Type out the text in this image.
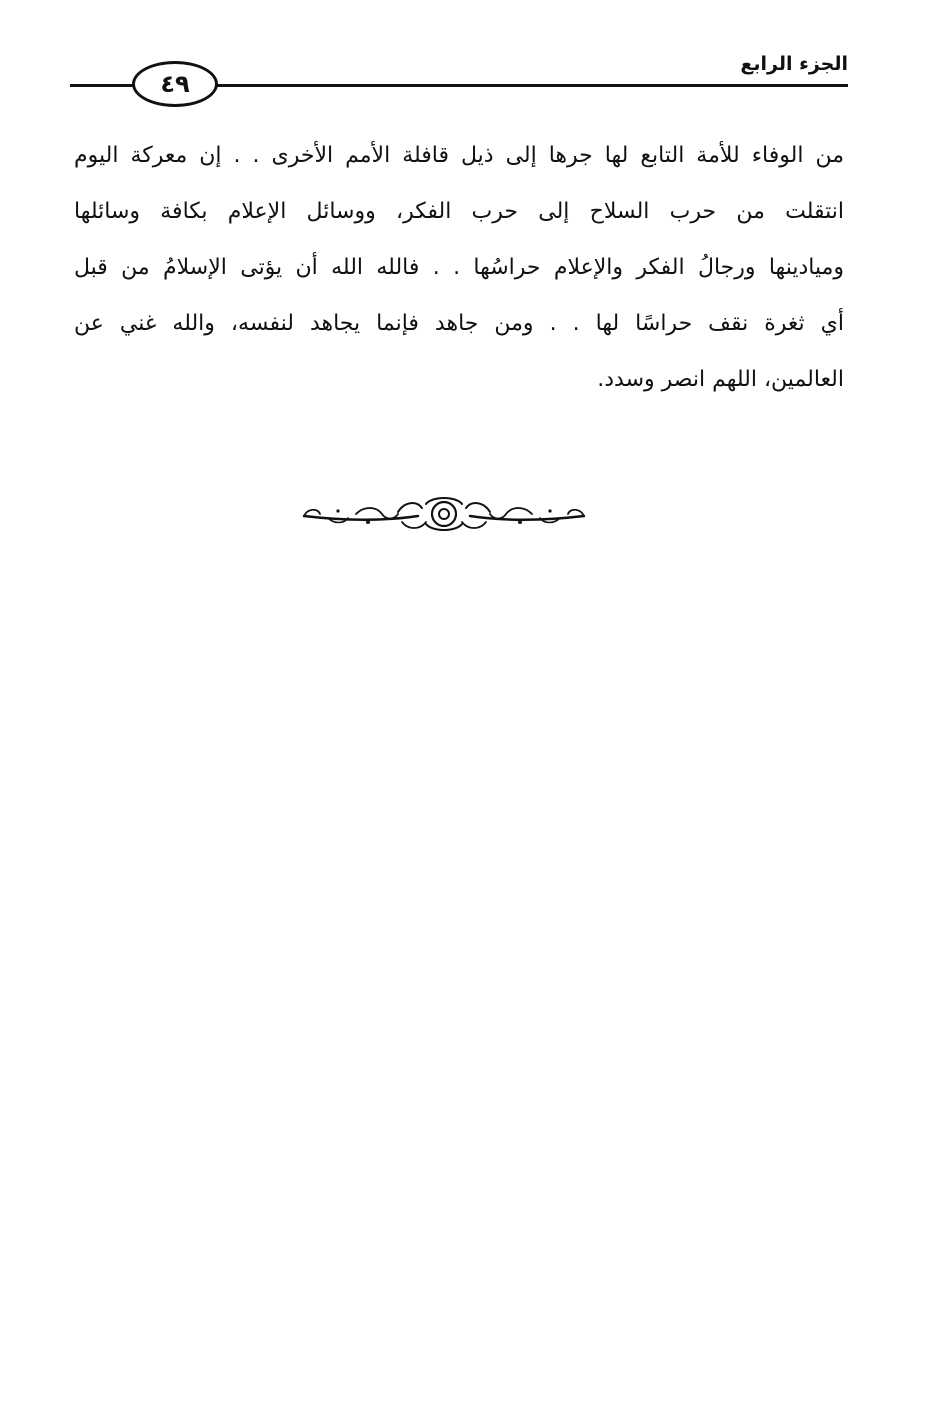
الجزء الرابع
٤٩
من الوفاء للأمة التابع لها جرها إلى ذيل قافلة الأمم الأخرى . . إن معركة اليوم
انتقلت من حرب السلاح إلى حرب الفكر، ووسائل الإعلام بكافة وسائلها
وميادينها ورجالُ الفكر والإعلام حراسُها . . فالله الله أن يؤتى الإسلامُ من قبل
أي ثغرة نقف حراسًا لها . . ومن جاهد فإنما يجاهد لنفسه، والله غني عن
العالمين، اللهم انصر وسدد.
